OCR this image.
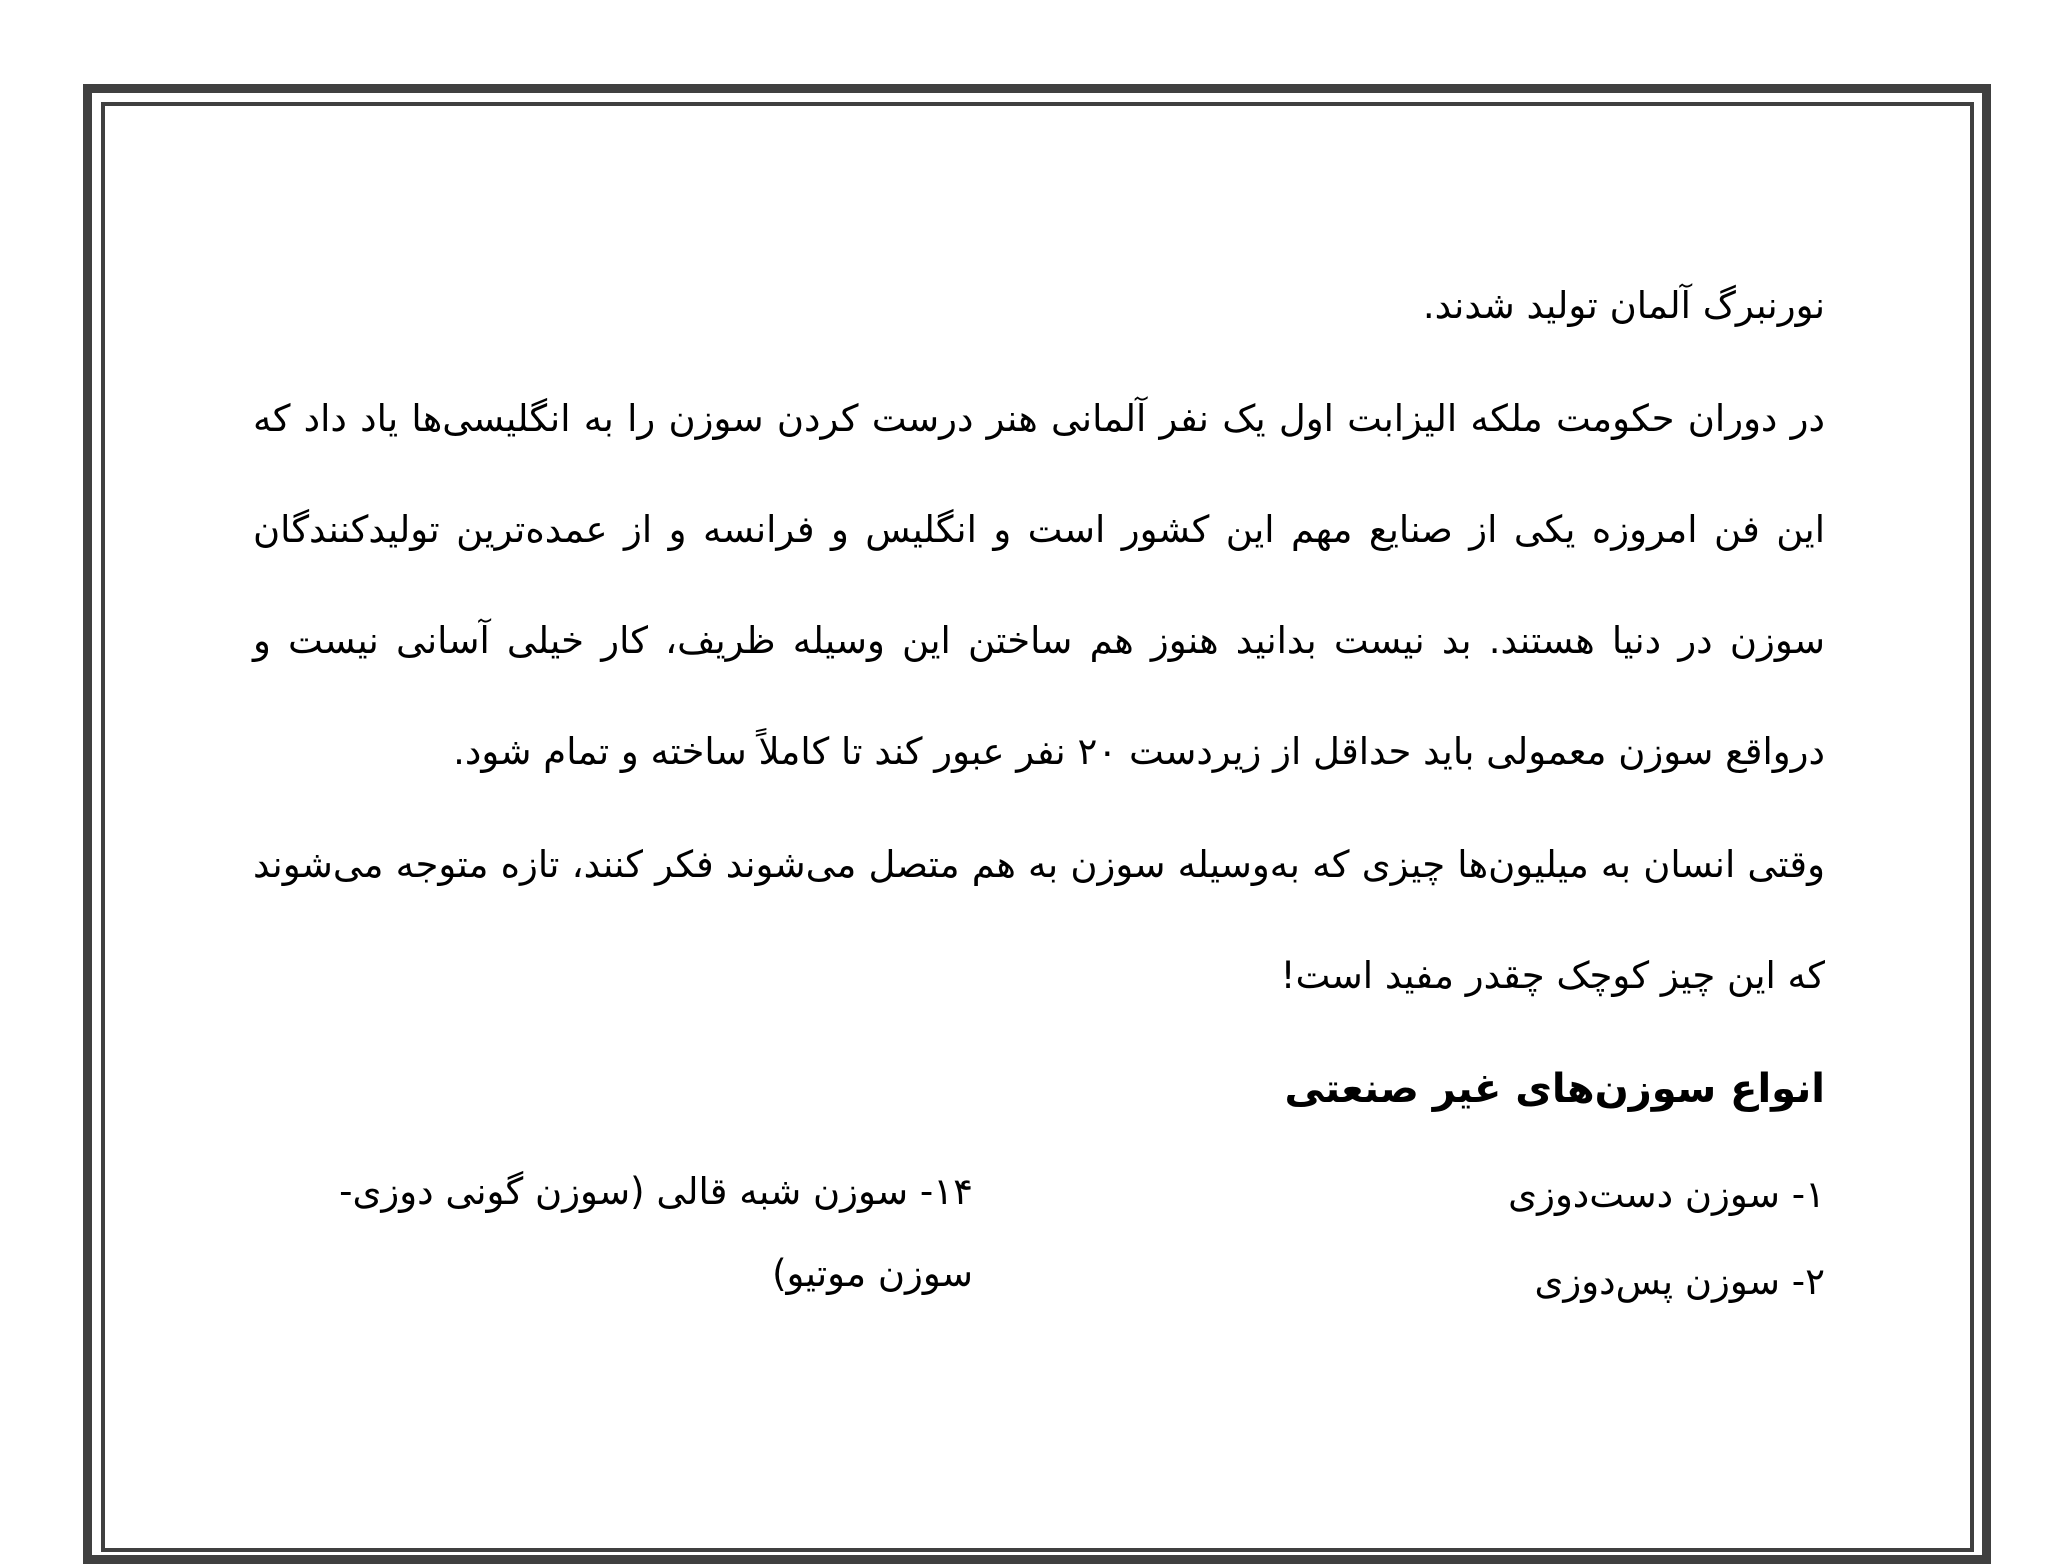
نورنبرگ آلمان تولید شدند.

در دوران حکومت ملکه الیزابت اول یک نفر آلمانی هنر درست کردن سوزن را به انگلیسی‌ها یاد داد که این فن امروزه یکی از صنایع مهم این کشور است و انگلیس و فرانسه و از عمده‌ترین تولیدکنندگان سوزن در دنیا هستند. بد نیست بدانید هنوز هم ساختن این وسیله ظریف، کار خیلی آسانی نیست و درواقع سوزن معمولی باید حداقل از زیردست ۲۰ نفر عبور کند تا کاملاً ساخته و تمام شود.

وقتی انسان به میلیون‌ها چیزی که به‌وسیله سوزن به هم متصل می‌شوند فکر کنند، تازه متوجه می‌شوند که این چیز کوچک چقدر مفید است!

انواع سوزن‌های غیر صنعتی

۱- سوزن دست‌دوزی

۲- سوزن پس‌دوزی

۱۴- سوزن شبه قالی (سوزن گونی دوزی- سوزن موتیو)
